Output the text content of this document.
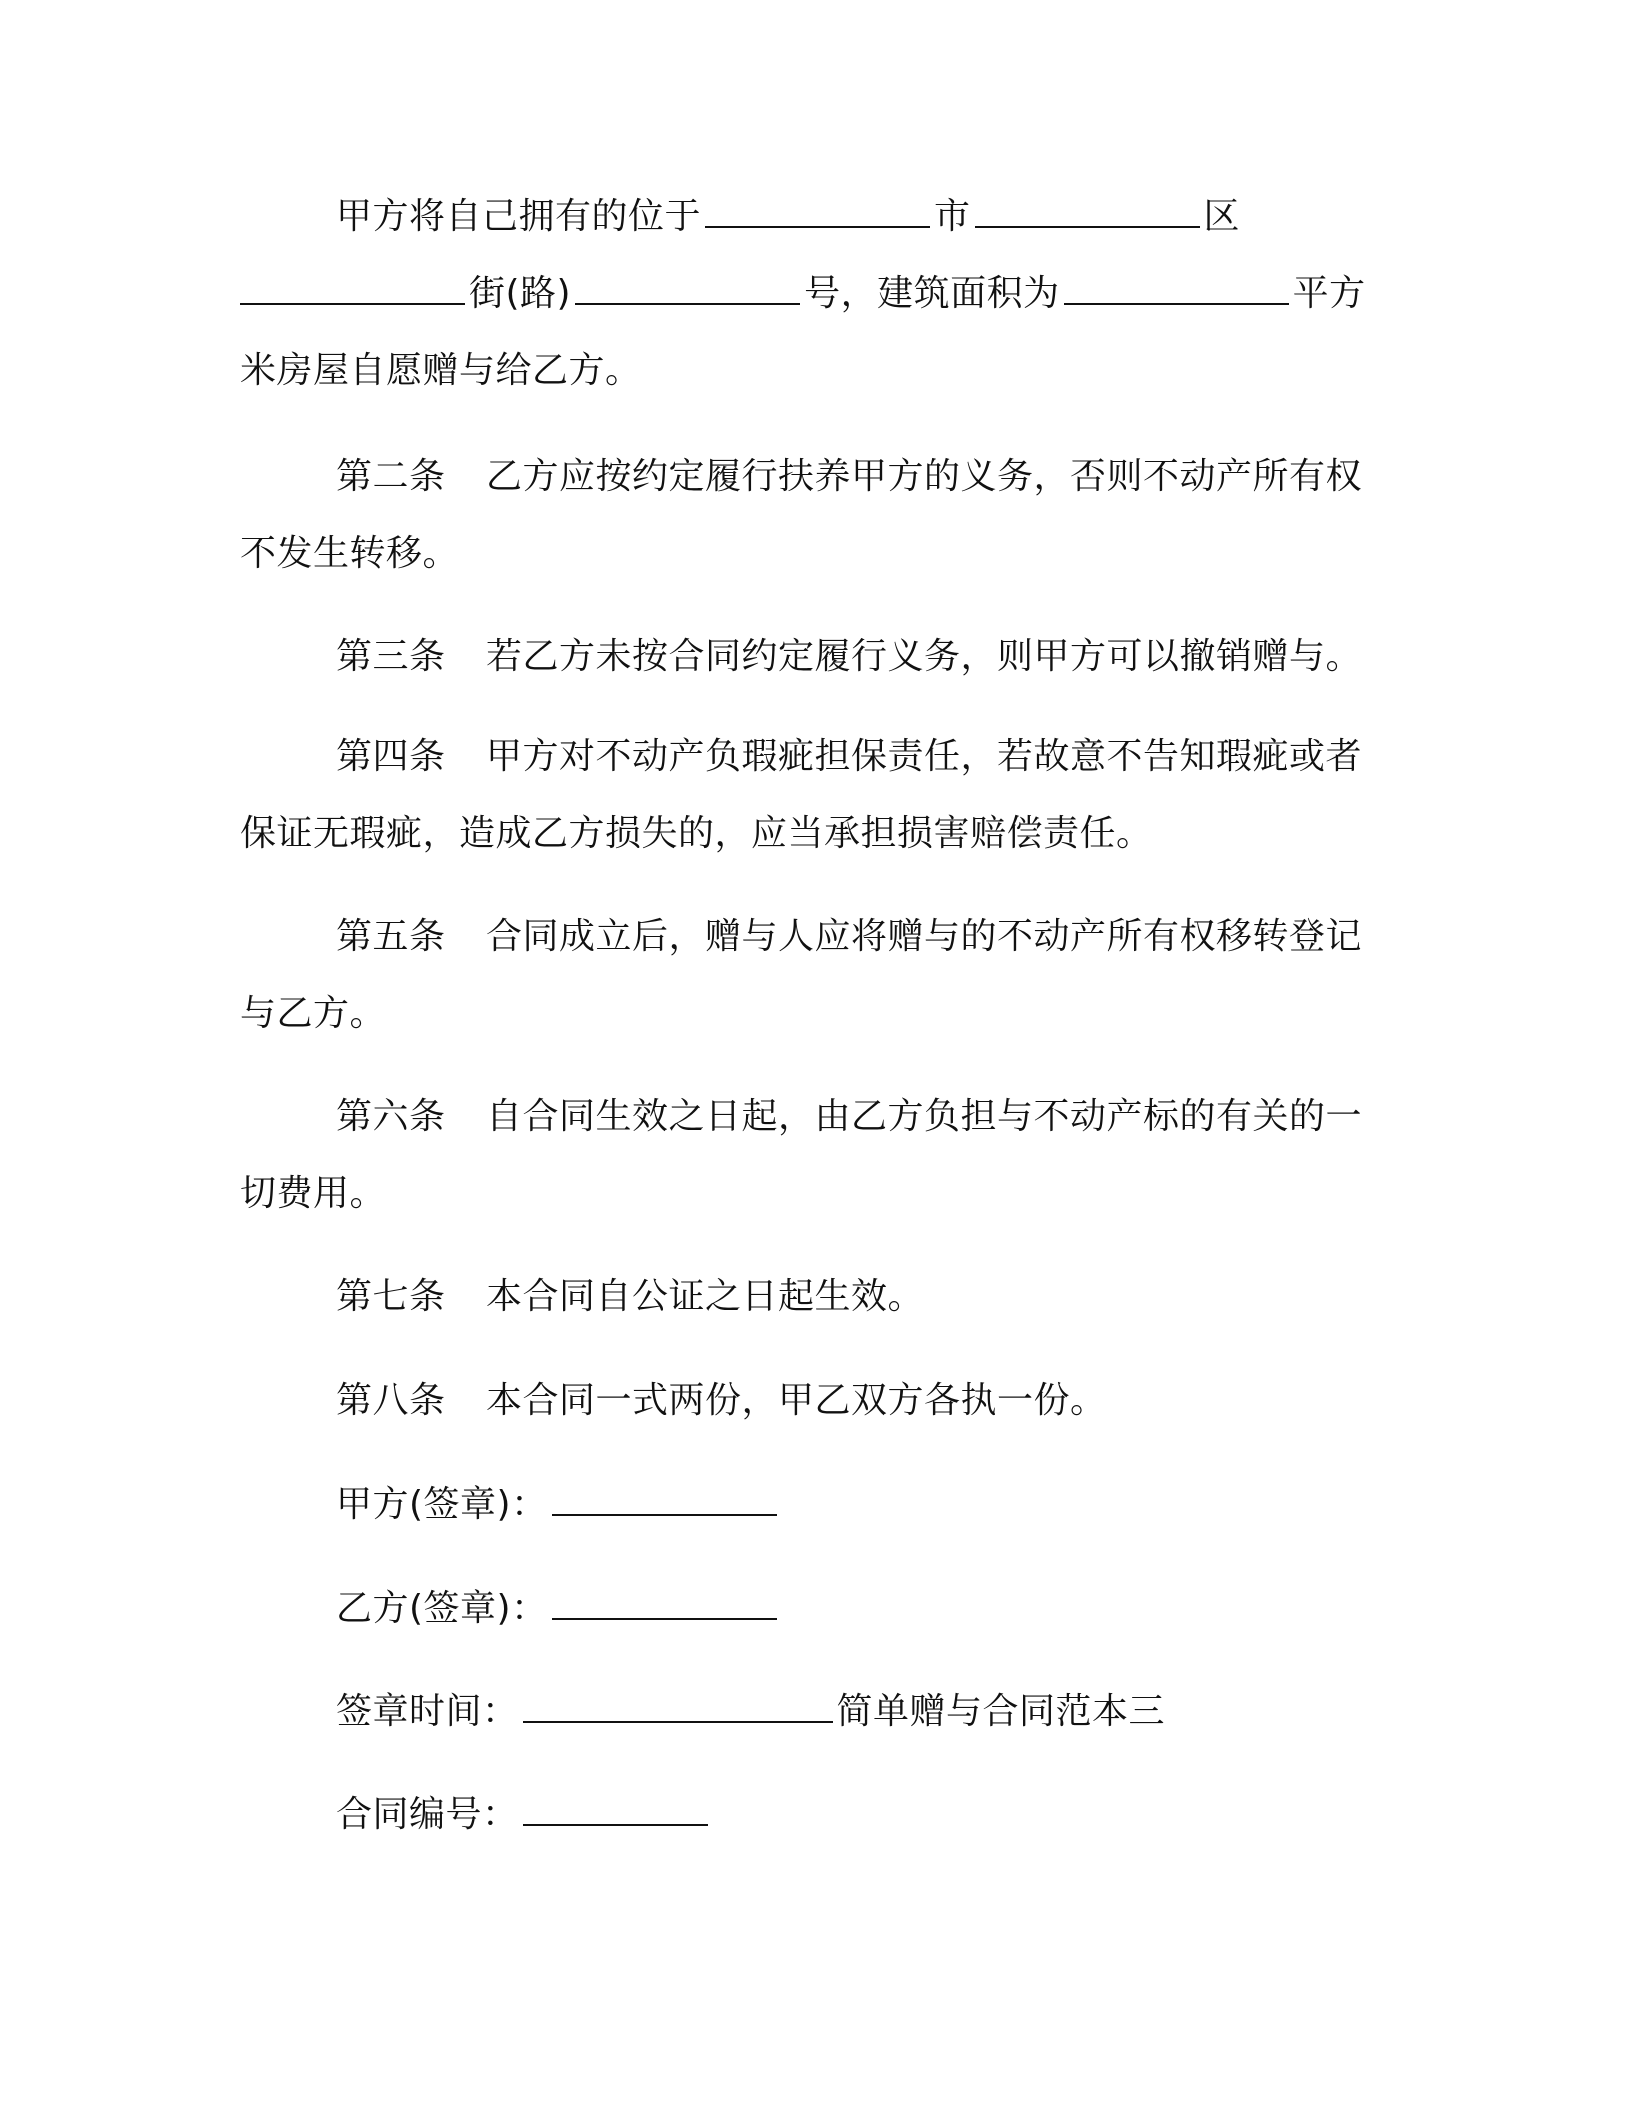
甲方将自己拥有的位于	市	区
街(路)	号，建筑面积为	平方
米房屋自愿赠与给乙方。
第二条 乙方应按约定履行扶养甲方的义务，否则不动产所有权
不发生转移。
第三条 若乙方未按合同约定履行义务，则甲方可以撤销赠与。
第四条 甲方对不动产负瑕疵担保责任，若故意不告知瑕疵或者
保证无瑕疵，造成乙方损失的，应当承担损害赔偿责任。
第五条 合同成立后，赠与人应将赠与的不动产所有权移转登记
与乙方。
第六条 自合同生效之日起，由乙方负担与不动产标的有关的一
切费用。
第七条 本合同自公证之日起生效。
第八条 本合同一式两份，甲乙双方各执一份。
甲方(签章)：
乙方(签章)：
签章时间：	简单赠与合同范本三
合同编号：
